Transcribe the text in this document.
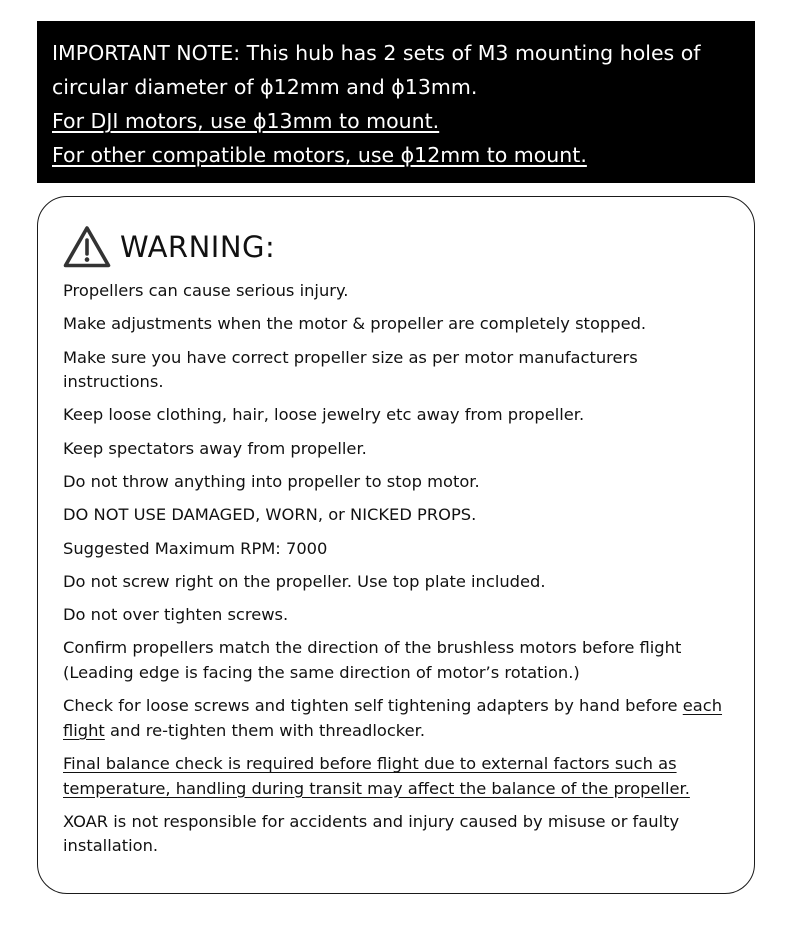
IMPORTANT NOTE: This hub has 2 sets of M3 mounting holes of
circular diameter of ϕ12mm and ϕ13mm.
For DJI motors, use ϕ13mm to mount.
For other compatible motors, use ϕ12mm to mount.
WARNING:
Propellers can cause serious injury.
Make adjustments when the motor & propeller are completely stopped.
Make sure you have correct propeller size as per motor manufacturers instructions.
Keep loose clothing, hair, loose jewelry etc away from propeller.
Keep spectators away from propeller.
Do not throw anything into propeller to stop motor.
DO NOT USE DAMAGED, WORN, or NICKED PROPS.
Suggested Maximum RPM: 7000
Do not screw right on the propeller. Use top plate included.
Do not over tighten screws.
Confirm propellers match the direction of the brushless motors before flight (Leading edge is facing the same direction of motor’s rotation.)
Check for loose screws and tighten self tightening adapters by hand before each flight and re-tighten them with threadlocker.
Final balance check is required before flight due to external factors such as temperature, handling during transit may affect the balance of the propeller.
XOAR is not responsible for accidents and injury caused by misuse or faulty installation.
